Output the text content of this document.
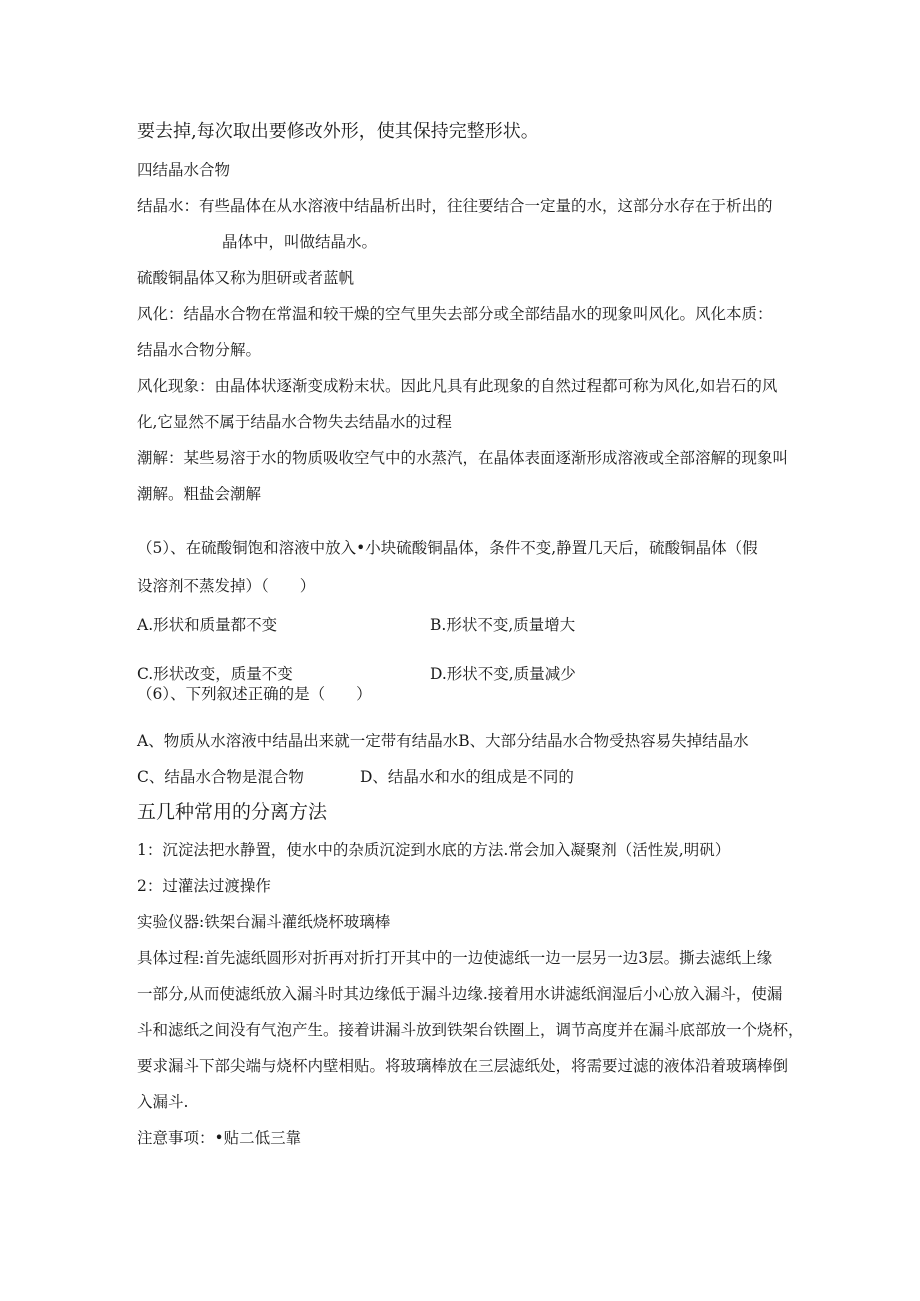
要去掉,每次取出要修改外形，使其保持完整形状。
四结晶水合物
结晶水：有些晶体在从水溶液中结晶析出时，往往要结合一定量的水，这部分水存在于析出的
晶体中，叫做结晶水。
硫酸铜晶体又称为胆研或者蓝帆
风化：结晶水合物在常温和较干燥的空气里失去部分或全部结晶水的现象叫风化。风化本质：
结晶水合物分解。
风化现象：由晶体状逐渐变成粉末状。因此凡具有此现象的自然过程都可称为风化,如岩石的风
化,它显然不属于结晶水合物失去结晶水的过程
潮解：某些易溶于水的物质吸收空气中的水蒸汽，在晶体表面逐渐形成溶液或全部溶解的现象叫
潮解。粗盐会潮解
（5）、在硫酸铜饱和溶液中放入•小块硫酸铜晶体，条件不变,静置几天后，硫酸铜晶体（假
设溶剂不蒸发掉）（　　）
A.形状和质量都不变	B.形状不变,质量增大
C.形状改变，质量不变	D.形状不变,质量减少
（6）、下列叙述正确的是（　　）
A、物质从水溶液中结晶出来就一定带有结晶水B、大部分结晶水合物受热容易失掉结晶水
C、结晶水合物是混合物	D、结晶水和水的组成是不同的
五几种常用的分离方法
1：沉淀法把水静置，使水中的杂质沉淀到水底的方法.常会加入凝聚剂（活性炭,明矾）
2：过灌法过渡操作
实验仪器:铁架台漏斗灌纸烧杯玻璃棒
具体过程:首先滤纸圆形对折再对折打开其中的一边使滤纸一边一层另一边3层。撕去滤纸上缘
一部分,从而使滤纸放入漏斗时其边缘低于漏斗边缘.接着用水讲滤纸润湿后小心放入漏斗，使漏
斗和滤纸之间没有气泡产生。接着讲漏斗放到铁架台铁圈上，调节高度并在漏斗底部放一个烧杯，
要求漏斗下部尖端与烧杯内壁相贴。将玻璃棒放在三层滤纸处，将需要过滤的液体沿着玻璃棒倒
入漏斗.
注意事项：•贴二低三靠
